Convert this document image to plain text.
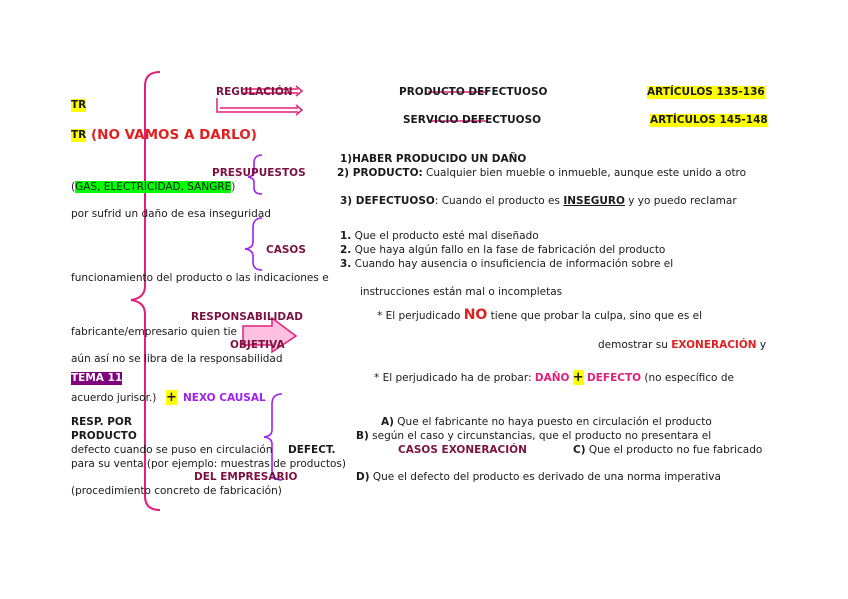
TR
REGULACIÓN	PRODUCTO DEFECTUOSO	ARTÍCULOS 135-136
SERVICIO DEFECTUOSO	ARTÍCULOS 145-148
TR (NO VAMOS A DARLO)
PRESUPUESTOS
1)HABER PRODUCIDO UN DAÑO
2) PRODUCTO: Cualquier bien mueble o inmueble, aunque este unido a otro
(GAS, ELECTRICIDAD, SANGRE)
3) DEFECTUOSO: Cuando el producto es INSEGURO y yo puedo reclamar
por sufrid un daño de esa inseguridad
CASOS
1. Que el producto esté mal diseñado
2. Que haya algún fallo en la fase de fabricación del producto
3. Cuando hay ausencia o insuficiencia de información sobre el
funcionamiento del producto o las indicaciones e
instrucciones están mal o incompletas
RESPONSABILIDAD
OBJETIVA
* El perjudicado NO tiene que probar la culpa, sino que es el
fabricante/empresario quien tie
demostrar su EXONERACIÓN y
aún así no se libra de la responsabilidad
TEMA 11	* El perjudicado ha de probar: DAÑO + DEFECTO (no específico de
acuerdo jurisor.) + NEXO CAUSAL
RESP. POR
PRODUCTO
DEFECT.
DEL EMPRESARIO
CASOS EXONERACIÓN
A) Que el fabricante no haya puesto en circulación el producto
B) según el caso y circunstancias, que el producto no presentara el
defecto cuando se puso en circulación	C) Que el producto no fue fabricado
para su venta (por ejemplo: muestras de productos)
D) Que el defecto del producto es derivado de una norma imperativa
(procedimiento concreto de fabricación)
